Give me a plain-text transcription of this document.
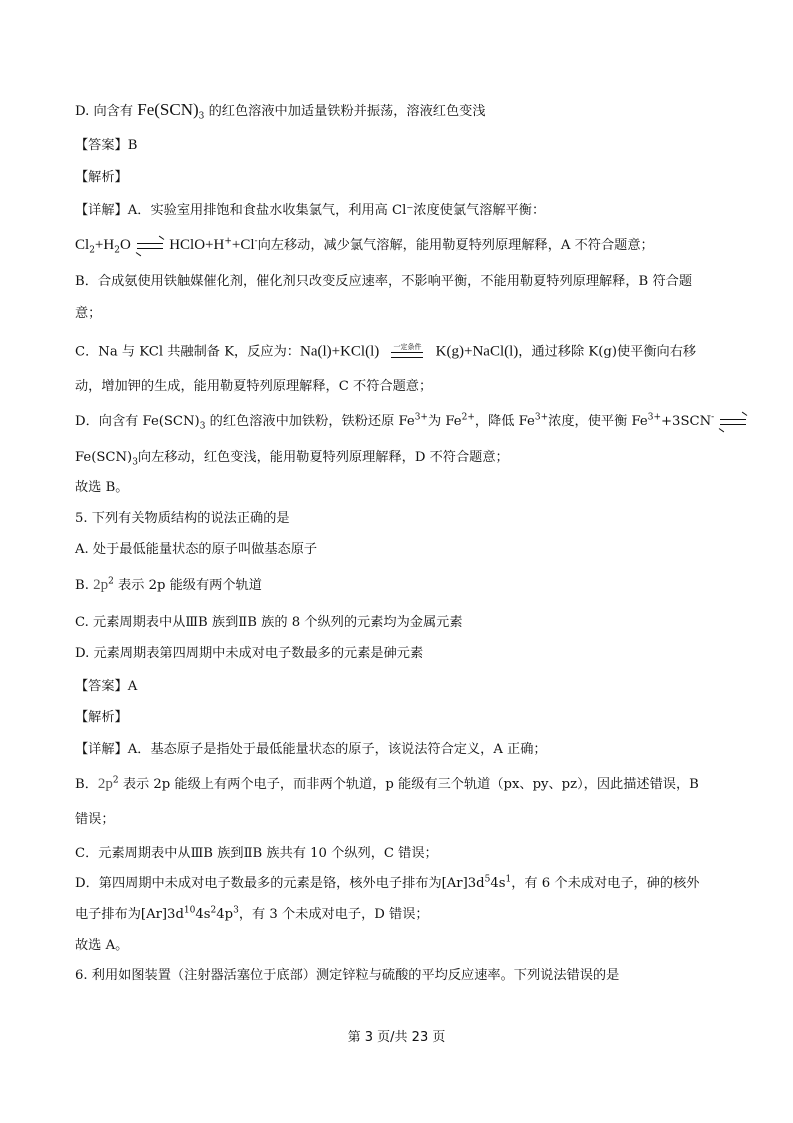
D. 向含有 $Fe(SCN)_3$ 的红色溶液中加适量铁粉并振荡，溶液红色变浅
【答案】B
【解析】
【详解】A．实验室用排饱和食盐水收集氯气，利用高 Cl⁻浓度使氯气溶解平衡：
$Cl_2+H_2O$	HClO+H++Cl-向左移动，减少氯气溶解，能用勒夏特列原理解释，A 不符合题意；
B．合成氨使用铁触媒催化剂，催化剂只改变反应速率，不影响平衡，不能用勒夏特列原理解释，B 符合题
意；
C．Na 与 KCl 共融制备 K，反应为：Na(l)+KCl(l)	一定条件 K(g)+NaCl(l)，通过移除 K(g)使平衡向右移
动，增加钾的生成，能用勒夏特列原理解释，C 不符合题意；
D．向含有 $Fe(SCN)_3$ 的红色溶液中加铁粉，铁粉还原 $Fe^{3+}$为 $Fe^{2+}$，降低 $Fe^{3+}$浓度，使平衡 $Fe^{3+}+3SCN^-$
$Fe(SCN)_3$向左移动，红色变浅，能用勒夏特列原理解释，D 不符合题意；
故选 B。
5. 下列有关物质结构的说法正确的是
A. 处于最低能量状态的原子叫做基态原子
B. $2p^2$ 表示 2p 能级有两个轨道
C. 元素周期表中从ⅢB 族到ⅡB 族的 8 个纵列的元素均为金属元素
D. 元素周期表第四周期中未成对电子数最多的元素是砷元素
【答案】A
【解析】
【详解】A．基态原子是指处于最低能量状态的原子，该说法符合定义，A 正确；
B．$2p^2$ 表示 2p 能级上有两个电子，而非两个轨道，p 能级有三个轨道（px、py、pz），因此描述错误，B
错误；
C．元素周期表中从ⅢB 族到ⅡB 族共有 10 个纵列，C 错误；
D．第四周期中未成对电子数最多的元素是铬，核外电子排布为$[Ar]3d^54s^1$，有 6 个未成对电子，砷的核外
电子排布为$[Ar]3d^{10}4s^24p^3$，有 3 个未成对电子，D 错误；
故选 A。
6. 利用如图装置（注射器活塞位于底部）测定锌粒与硫酸的平均反应速率。下列说法错误的是
第 3 页/共 23 页
